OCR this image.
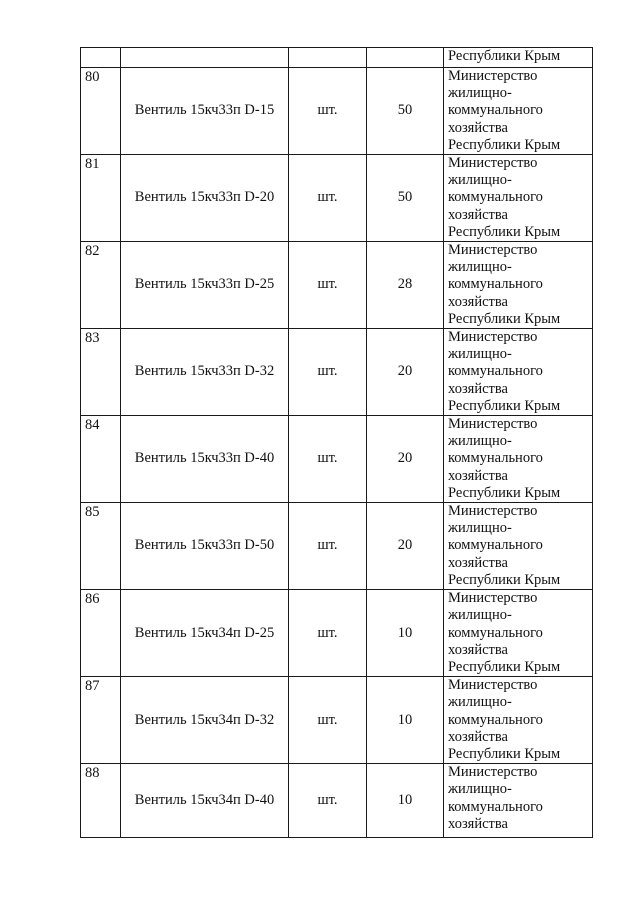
				Республики Крым

80	Вентиль 15кч33п D-15	шт.	50	Министерство
жилищно-
коммунального
хозяйства
Республики Крым

81	Вентиль 15кч33п D-20	шт.	50	Министерство
жилищно-
коммунального
хозяйства
Республики Крым

82	Вентиль 15кч33п D-25	шт.	28	Министерство
жилищно-
коммунального
хозяйства
Республики Крым

83	Вентиль 15кч33п D-32	шт.	20	Министерство
жилищно-
коммунального
хозяйства
Республики Крым

84	Вентиль 15кч33п D-40	шт.	20	Министерство
жилищно-
коммунального
хозяйства
Республики Крым

85	Вентиль 15кч33п D-50	шт.	20	Министерство
жилищно-
коммунального
хозяйства
Республики Крым

86	Вентиль 15кч34п D-25	шт.	10	Министерство
жилищно-
коммунального
хозяйства
Республики Крым

87	Вентиль 15кч34п D-32	шт.	10	Министерство
жилищно-
коммунального
хозяйства
Республики Крым

88	Вентиль 15кч34п D-40	шт.	10	Министерство
жилищно-
коммунального
хозяйства
